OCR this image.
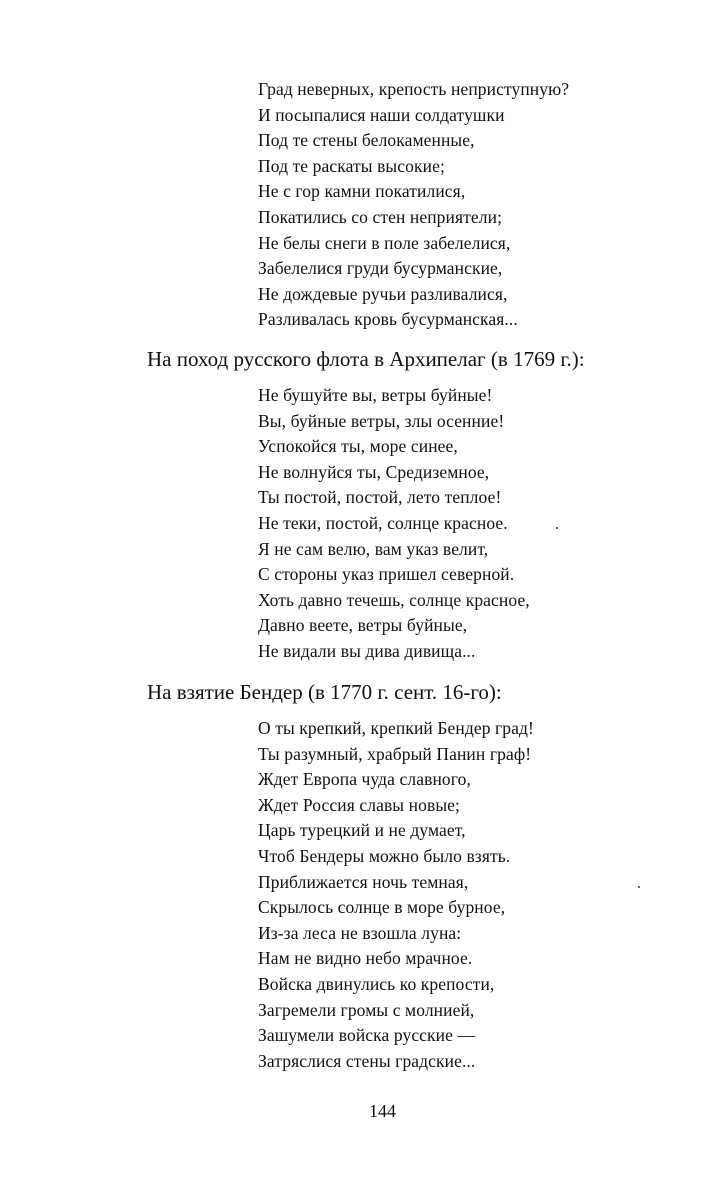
Град неверных, крепость неприступную?
И посыпалися наши солдатушки
Под те стены белокаменные,
Под те раскаты высокие;
Не с гор камни покатилися,
Покатились со стен неприятели;
Не белы снеги в поле забелелися,
Забелелися груди бусурманские,
Не дождевые ручьи разливалися,
Разливалась кровь бусурманская...
На поход русского флота в Архипелаг (в 1769 г.):
Не бушуйте вы, ветры буйные!
Вы, буйные ветры, злы осенние!
Успокойся ты, море синее,
Не волнуйся ты, Средиземное,
Ты постой, постой, лето теплое!
Не теки, постой, солнце красное.
Я не сам велю, вам указ велит,
С стороны указ пришел северной.
Хоть давно течешь, солнце красное,
Давно веете, ветры буйные,
Не видали вы дива дивища...
На взятие Бендер (в 1770 г. сент. 16-го):
О ты крепкий, крепкий Бендер град!
Ты разумный, храбрый Панин граф!
Ждет Европа чуда славного,
Ждет Россия славы новые;
Царь турецкий и не думает,
Чтоб Бендеры можно было взять.
Приближается ночь темная,
Скрылось солнце в море бурное,
Из-за леса не взошла луна:
Нам не видно небо мрачное.
Войска двинулись ко крепости,
Загремели громы с молнией,
Зашумели войска русские —
Затряслися стены градские...
144
